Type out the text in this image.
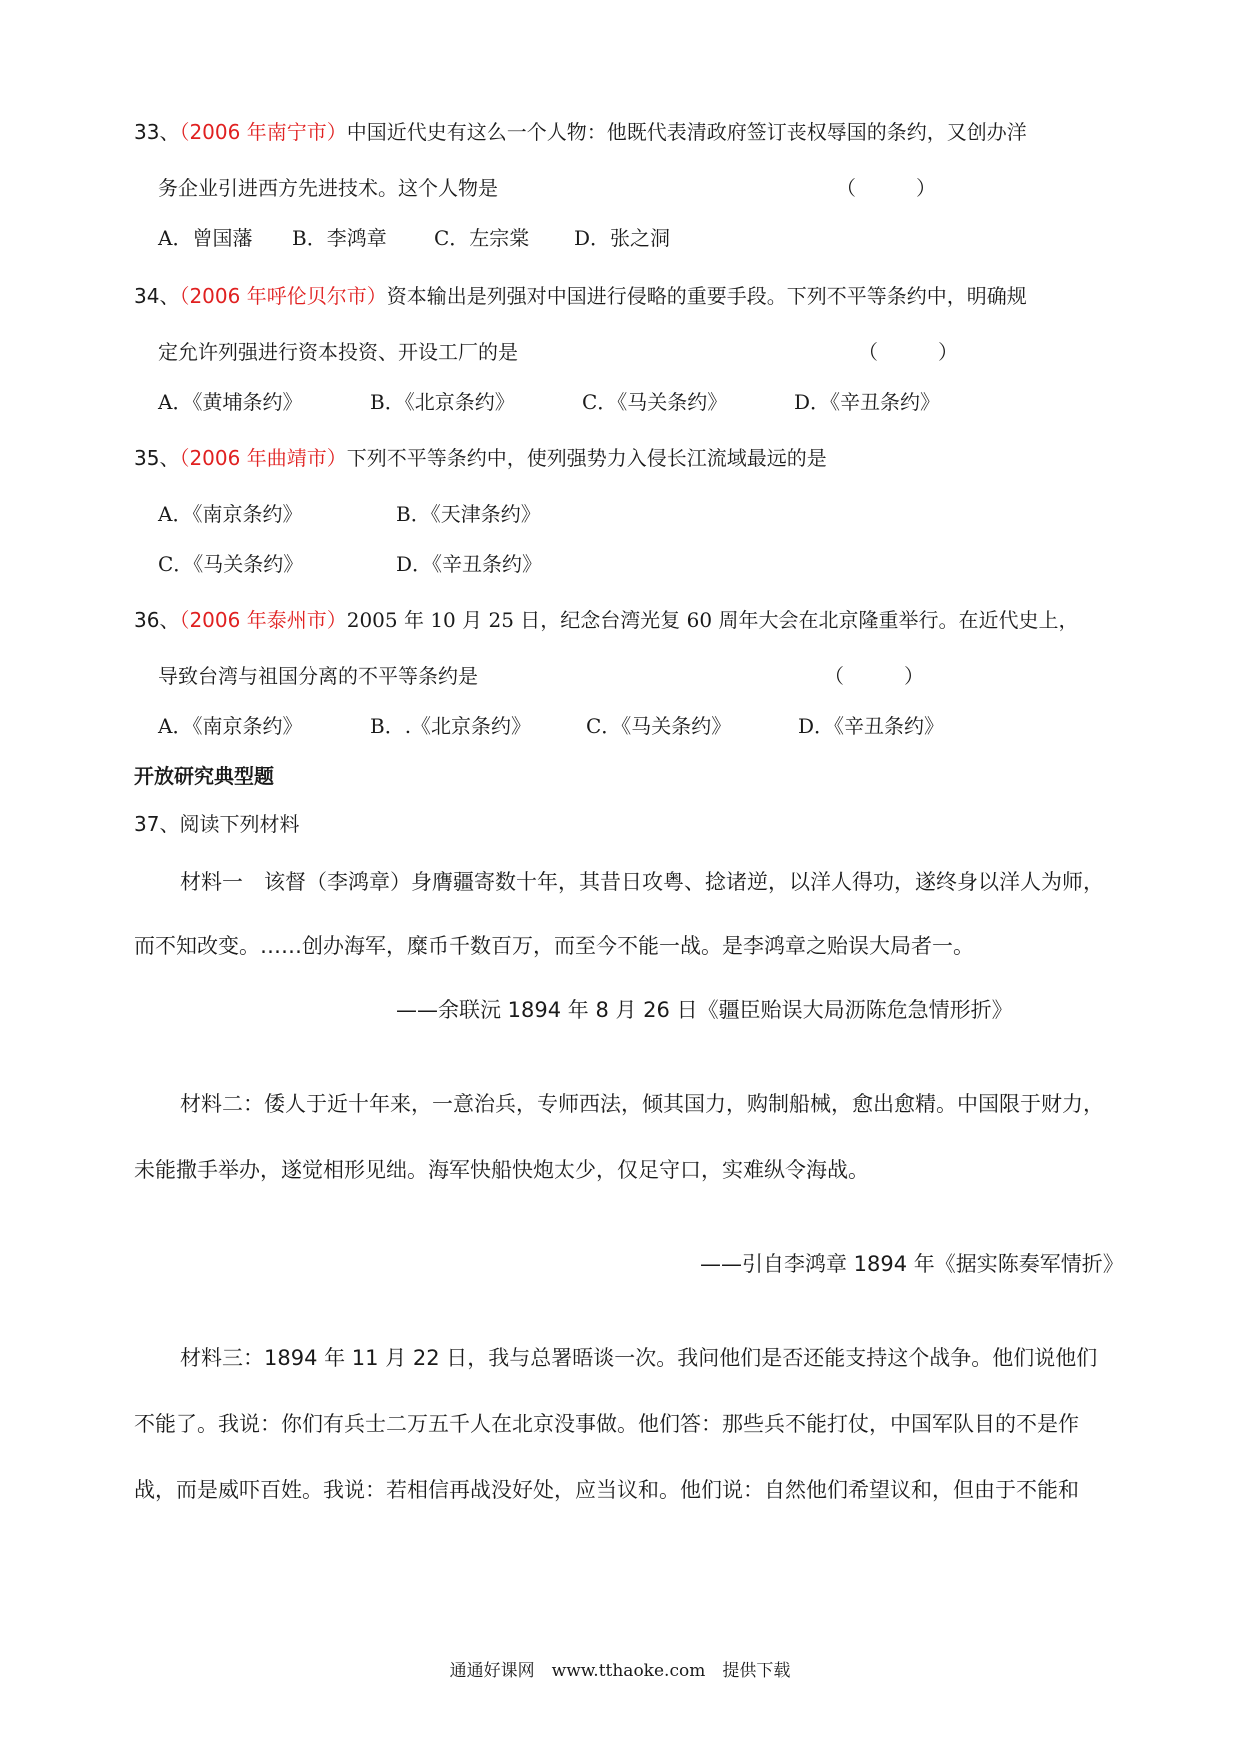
33、（2006 年南宁市）中国近代史有这么一个人物：他既代表清政府签订丧权辱国的条约，又创办洋
务企业引进西方先进技术。这个人物是	（　　　）
A．曾国藩 B．李鸿章 C．左宗棠 D．张之洞
34、（2006 年呼伦贝尔市）资本输出是列强对中国进行侵略的重要手段。下列不平等条约中，明确规
定允许列强进行资本投资、开设工厂的是	（　　　）
A．《黄埔条约》	B．《北京条约》	C．《马关条约》	D．《辛丑条约》
35、（2006 年曲靖市）下列不平等条约中，使列强势力入侵长江流域最远的是
A．《南京条约》	B．《天津条约》
C．《马关条约》	D．《辛丑条约》
36、（2006 年泰州市）2005 年 10 月 25 日，纪念台湾光复 60 周年大会在北京隆重举行。在近代史上，
导致台湾与祖国分离的不平等条约是	（　　　）
A．《南京条约》	B．.《北京条约》	C．《马关条约》	D．《辛丑条约》
开放研究典型题
37、阅读下列材料
材料一　该督（李鸿章）身膺疆寄数十年，其昔日攻粤、捻诸逆，以洋人得功，遂终身以洋人为师，
而不知改变。……创办海军，糜币千数百万，而至今不能一战。是李鸿章之贻误大局者一。
——余联沅 1894 年 8 月 26 日《疆臣贻误大局沥陈危急情形折》
材料二：倭人于近十年来，一意治兵，专师西法，倾其国力，购制船械，愈出愈精。中国限于财力，
未能撒手举办，遂觉相形见绌。海军快船快炮太少，仅足守口，实难纵令海战。
——引自李鸿章 1894 年《据实陈奏军情折》
材料三：1894 年 11 月 22 日，我与总署晤谈一次。我问他们是否还能支持这个战争。他们说他们
不能了。我说：你们有兵士二万五千人在北京没事做。他们答：那些兵不能打仗，中国军队目的不是作
战，而是威吓百姓。我说：若相信再战没好处，应当议和。他们说：自然他们希望议和，但由于不能和
通通好课网　www.tthaoke.com　提供下载
